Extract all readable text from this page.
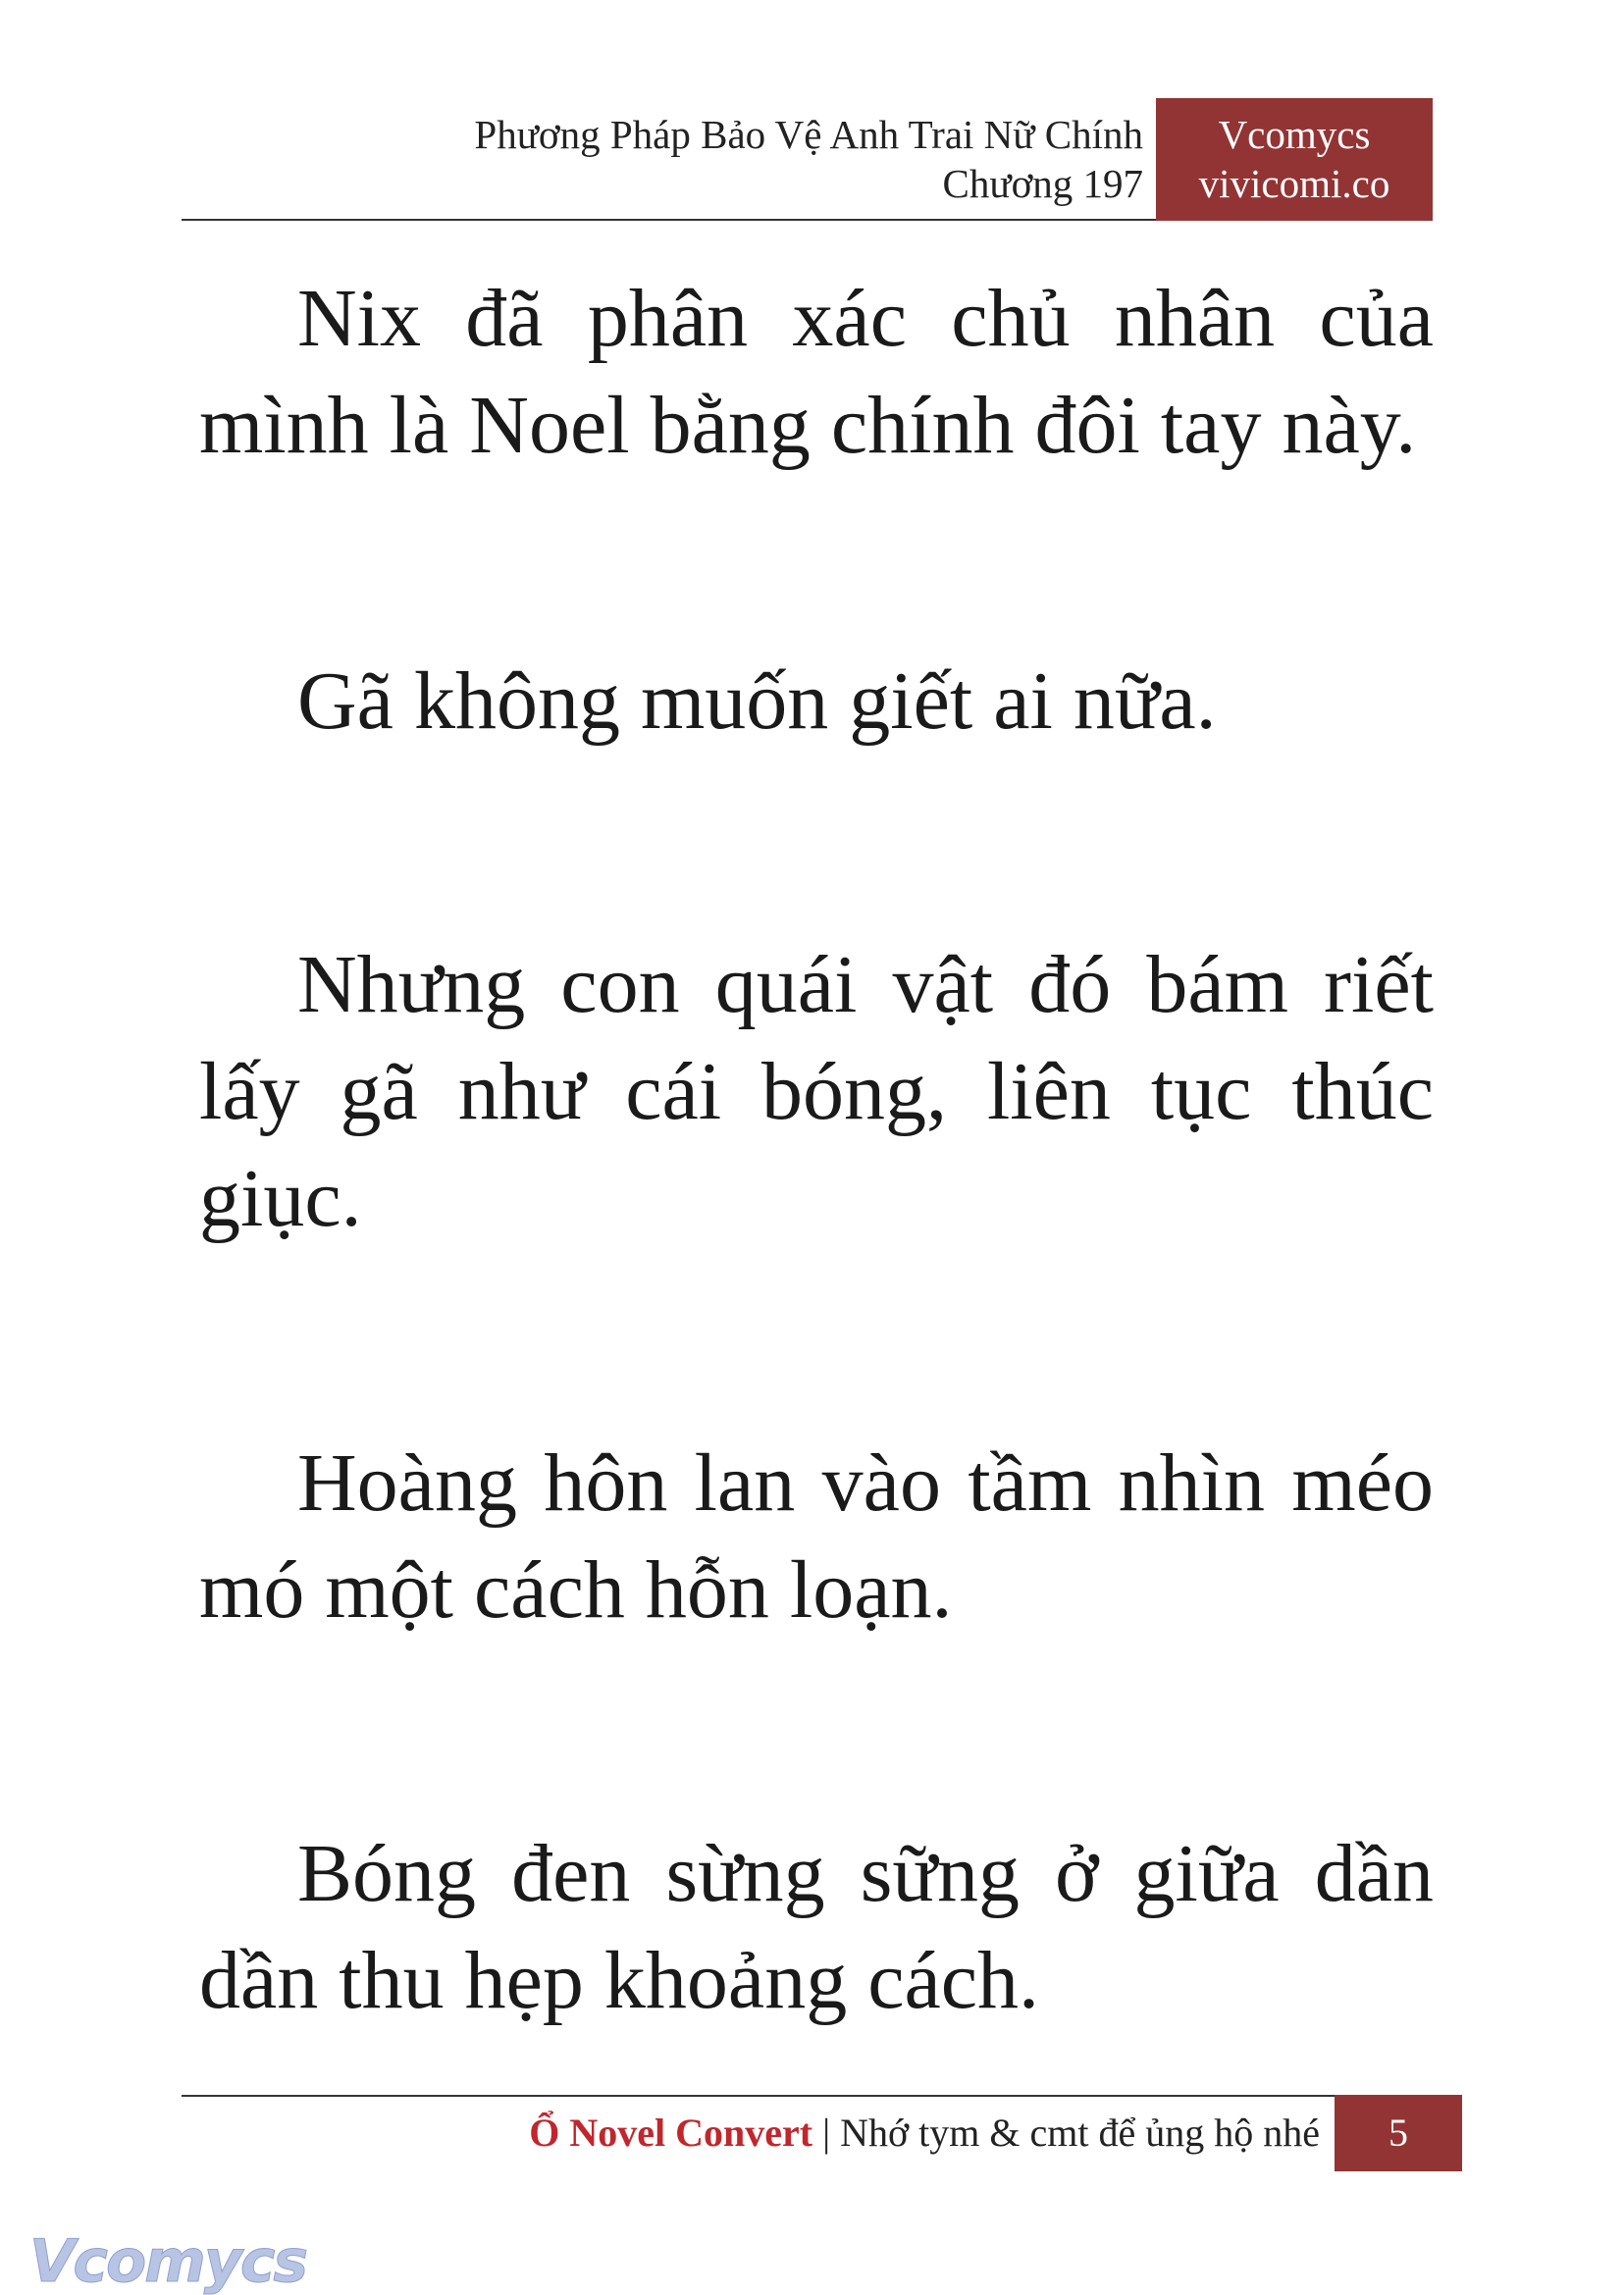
Phương Pháp Bảo Vệ Anh Trai Nữ Chính
Chương 197
Vcomycs
vivicomi.co

Nix đã phân xác chủ nhân của mình là Noel bằng chính đôi tay này.

Gã không muốn giết ai nữa.

Nhưng con quái vật đó bám riết lấy gã như cái bóng, liên tục thúc giục.

Hoàng hôn lan vào tầm nhìn méo mó một cách hỗn loạn.

Bóng đen sừng sững ở giữa dần dần thu hẹp khoảng cách.

Ổ Novel Convert | Nhớ tym & cmt để ủng hộ nhé	5
Vcomycs
